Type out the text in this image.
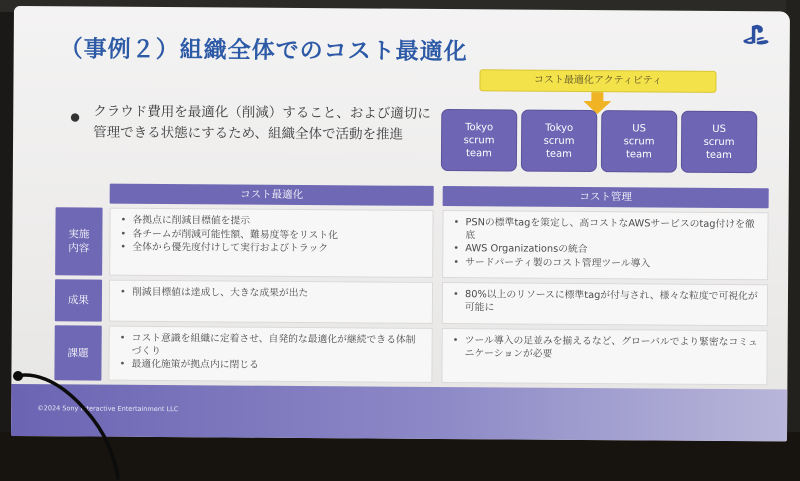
（事例２）組織全体でのコスト最適化
● クラウド費用を最適化（削減）すること、および適切に管理できる状態にするため、組織全体で活動を推進
コスト最適化アクティビティ
Tokyo
scrum
team
Tokyo
scrum
team
US
scrum
team
US
scrum
team
コスト最適化	コスト管理
実施
内容
成果
課題
• 各拠点に削減目標値を提示
• 各チームが削減可能性額、難易度等をリスト化
• 全体から優先度付けして実行およびトラック
• PSNの標準tagを策定し、高コストなAWSサービスのtag付けを徹底
• AWS Organizationsの統合
• サードパーティ製のコスト管理ツール導入
• 削減目標値は達成し、大きな成果が出た
•	80%以上のリソースに標準tagが付与され、様々な粒度で可視化が可能に
• コスト意識を組織に定着させ、自発的な最適化が継続できる体制づくり
• 最適化施策が拠点内に閉じる
• ツール導入の足並みを揃えるなど、グローバルでより緊密なコミュニケーションが必要
©2024 Sony Interactive Entertainment LLC
